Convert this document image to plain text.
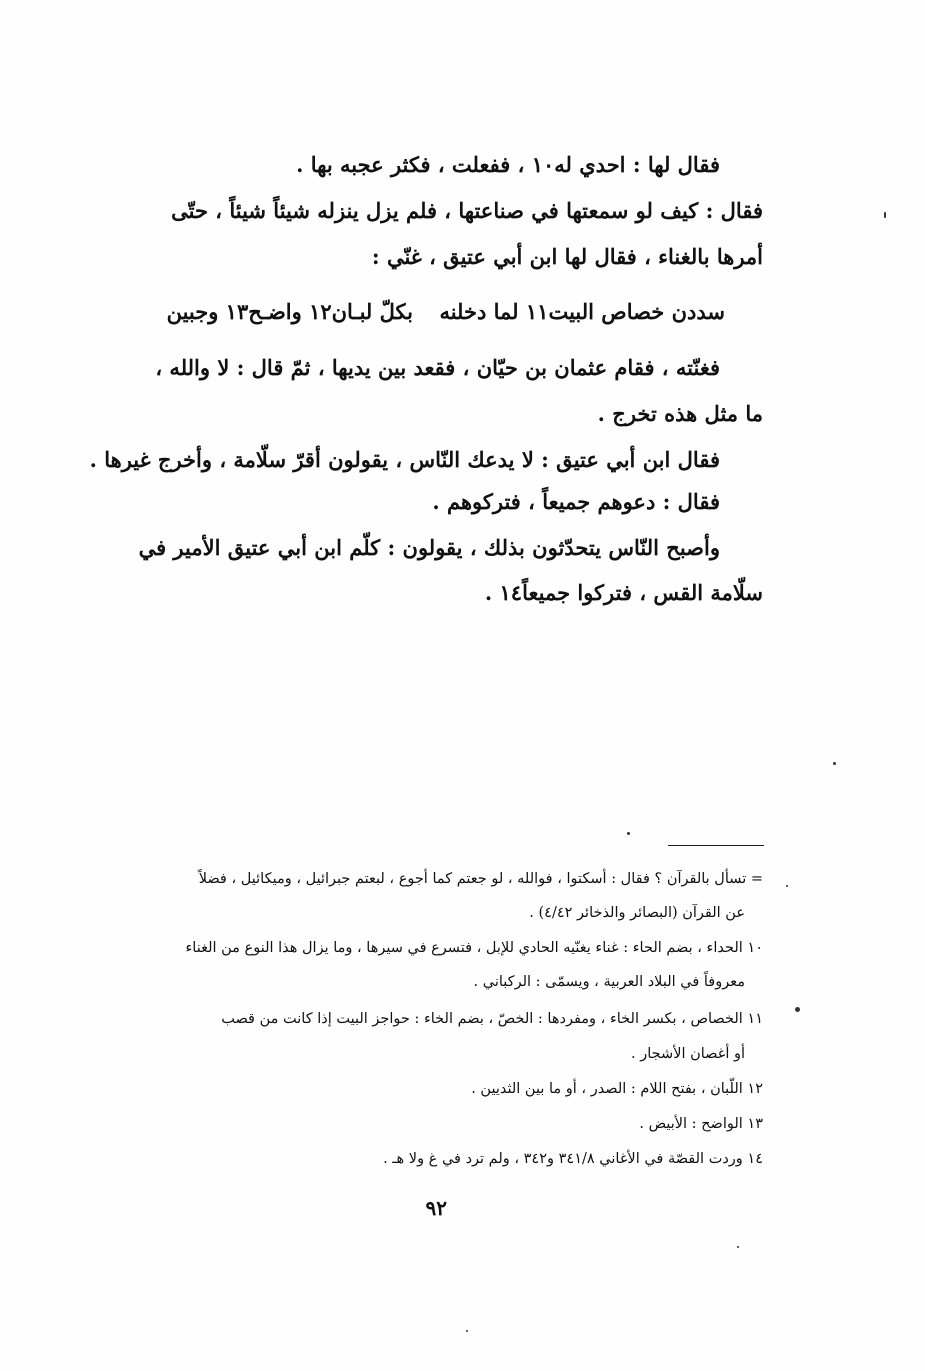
فقال لها : احدي له١٠ ، ففعلت ، فكثر عجبه بها .
فقال : كيف لو سمعتها في صناعتها ، فلم يزل ينزله شيئاً شيئاً ، حتّى
أمرها بالغناء ، فقال لها ابن أبي عتيق ، غنّي :
سددن خصاص البيت١١ لما دخلنه
بكلّ لبـان١٢ واضـح١٣ وجبين
فغنّته ، فقام عثمان بن حيّان ، فقعد بين يديها ، ثمّ قال : لا والله ،
ما مثل هذه تخرج .
فقال ابن أبي عتيق : لا يدعك النّاس ، يقولون أقرّ سلّامة ، وأخرج غيرها .
فقال : دعوهم جميعاً ، فتركوهم .
وأصبح النّاس يتحدّثون بذلك ، يقولون : كلّم ابن أبي عتيق الأمير في
سلّامة القس ، فتركوا جميعاً١٤ .
= تسأل بالقرآن ؟ فقال : أسكتوا ، فوالله ، لو جعتم كما أجوع ، لبعتم جبرائيل ، وميكائيل ، فضلاً
عن القرآن (البصائر والذخائر ٤/٤٢) .
١٠ الحداء ، بضم الحاء : غناء يغنّيه الحادي للإبل ، فتسرع في سيرها ، وما يزال هذا النوع من الغناء
معروفاً في البلاد العربية ، ويسمّى : الركباني .
١١ الخصاص ، بكسر الخاء ، ومفردها : الخصّ ، بضم الخاء : حواجز البيت إذا كانت من قصب
أو أغصان الأشجار .
١٢ اللّبان ، بفتح اللام : الصدر ، أو ما بين الثديين .
١٣ الواضح : الأبيض .
١٤ وردت القصّة في الأغاني ٣٤١/٨ و٣٤٢ ، ولم ترد في غ ولا هـ .
٩٢
